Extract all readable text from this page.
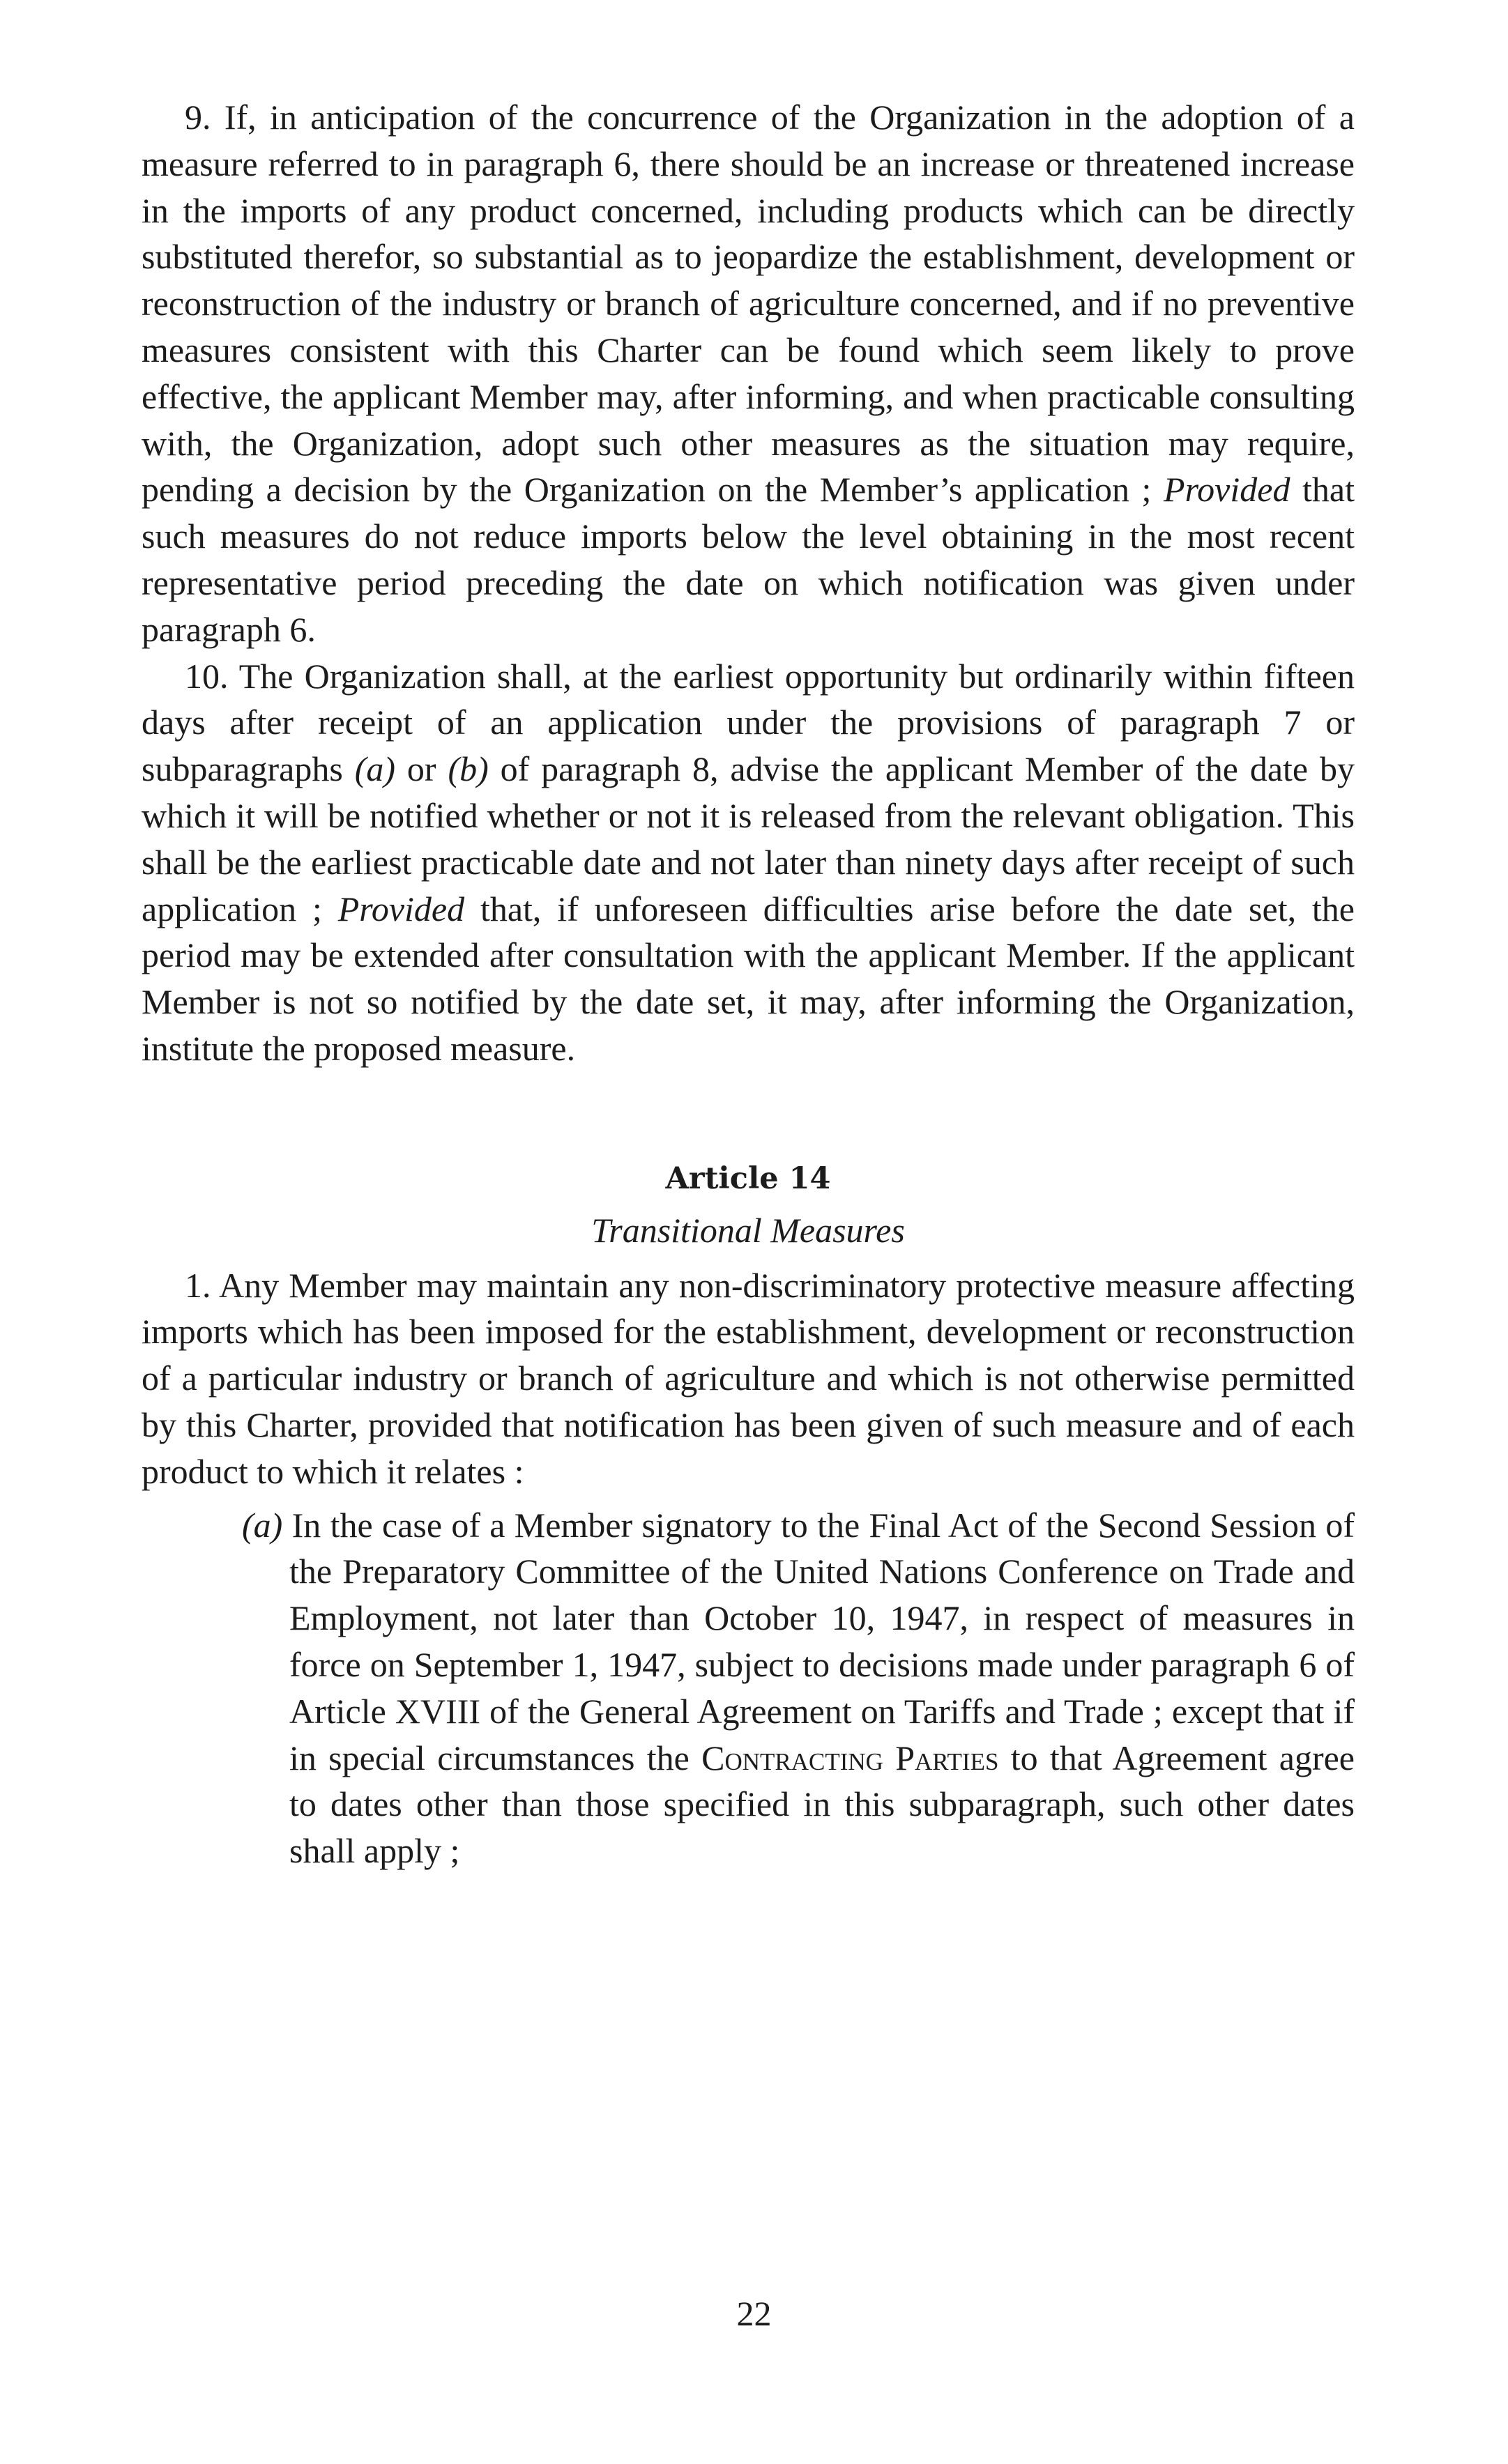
9. If, in anticipation of the concurrence of the Organization in the adoption of a measure referred to in paragraph 6, there should be an increase or threatened increase in the imports of any product concerned, including products which can be directly substituted therefor, so substantial as to jeopardize the establishment, development or reconstruction of the industry or branch of agriculture concerned, and if no preventive measures consistent with this Charter can be found which seem likely to prove effective, the applicant Member may, after informing, and when practicable consulting with, the Organization, adopt such other measures as the situation may require, pending a decision by the Organization on the Member’s application ; Provided that such measures do not reduce imports below the level obtaining in the most recent representative period preceding the date on which notification was given under paragraph 6.

10. The Organization shall, at the earliest opportunity but ordinarily within fifteen days after receipt of an application under the provisions of paragraph 7 or subparagraphs (a) or (b) of paragraph 8, advise the applicant Member of the date by which it will be notified whether or not it is released from the relevant obligation. This shall be the earliest practicable date and not later than ninety days after receipt of such application ; Provided that, if unforeseen difficulties arise before the date set, the period may be extended after consultation with the applicant Member. If the applicant Member is not so notified by the date set, it may, after informing the Organization, institute the proposed measure.

Article 14

Transitional Measures

1. Any Member may maintain any non-discriminatory protective measure affecting imports which has been imposed for the establishment, development or reconstruction of a particular industry or branch of agriculture and which is not otherwise permitted by this Charter, provided that notification has been given of such measure and of each product to which it relates :

(a) In the case of a Member signatory to the Final Act of the Second Session of the Preparatory Committee of the United Nations Conference on Trade and Employment, not later than October 10, 1947, in respect of measures in force on September 1, 1947, subject to decisions made under paragraph 6 of Article XVIII of the General Agreement on Tariffs and Trade ; except that if in special circumstances the Contracting Parties to that Agreement agree to dates other than those specified in this subparagraph, such other dates shall apply ;

22
